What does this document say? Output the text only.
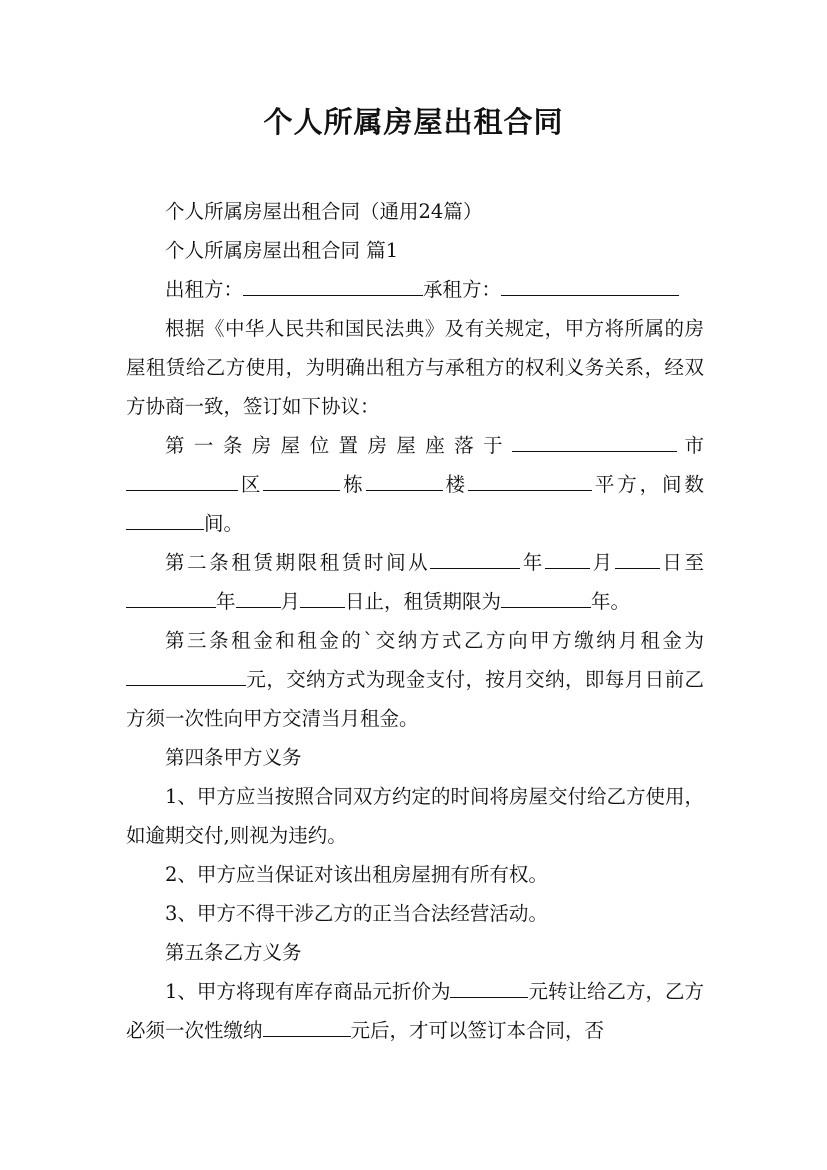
个人所属房屋出租合同

个人所属房屋出租合同（通用24篇）

个人所属房屋出租合同 篇1

出租方：	承租方：

根据《中华人民共和国民法典》及有关规定，甲方将所属的房屋租赁给乙方使用，为明确出租方与承租方的权利义务关系，经双方协商一致，签订如下协议：

第一条房屋位置房屋座落于	市

区	栋	楼	平方，间数

间。

第二条租赁期限租赁时间从	年 月 日至

年 月 日止，租赁期限为	年。

第三条租金和租金的`交纳方式乙方向甲方缴纳月租金为元，交纳方式为现金支付，按月交纳，即每月日前乙方须一次性向甲方交清当月租金。

第四条甲方义务

1、甲方应当按照合同双方约定的时间将房屋交付给乙方使用，如逾期交付,则视为违约。

2、甲方应当保证对该出租房屋拥有所有权。

3、甲方不得干涉乙方的正当合法经营活动。

第五条乙方义务

1、甲方将现有库存商品元折价为	元转让给乙方，乙方必须一次性缴纳	元后，才可以签订本合同，否
